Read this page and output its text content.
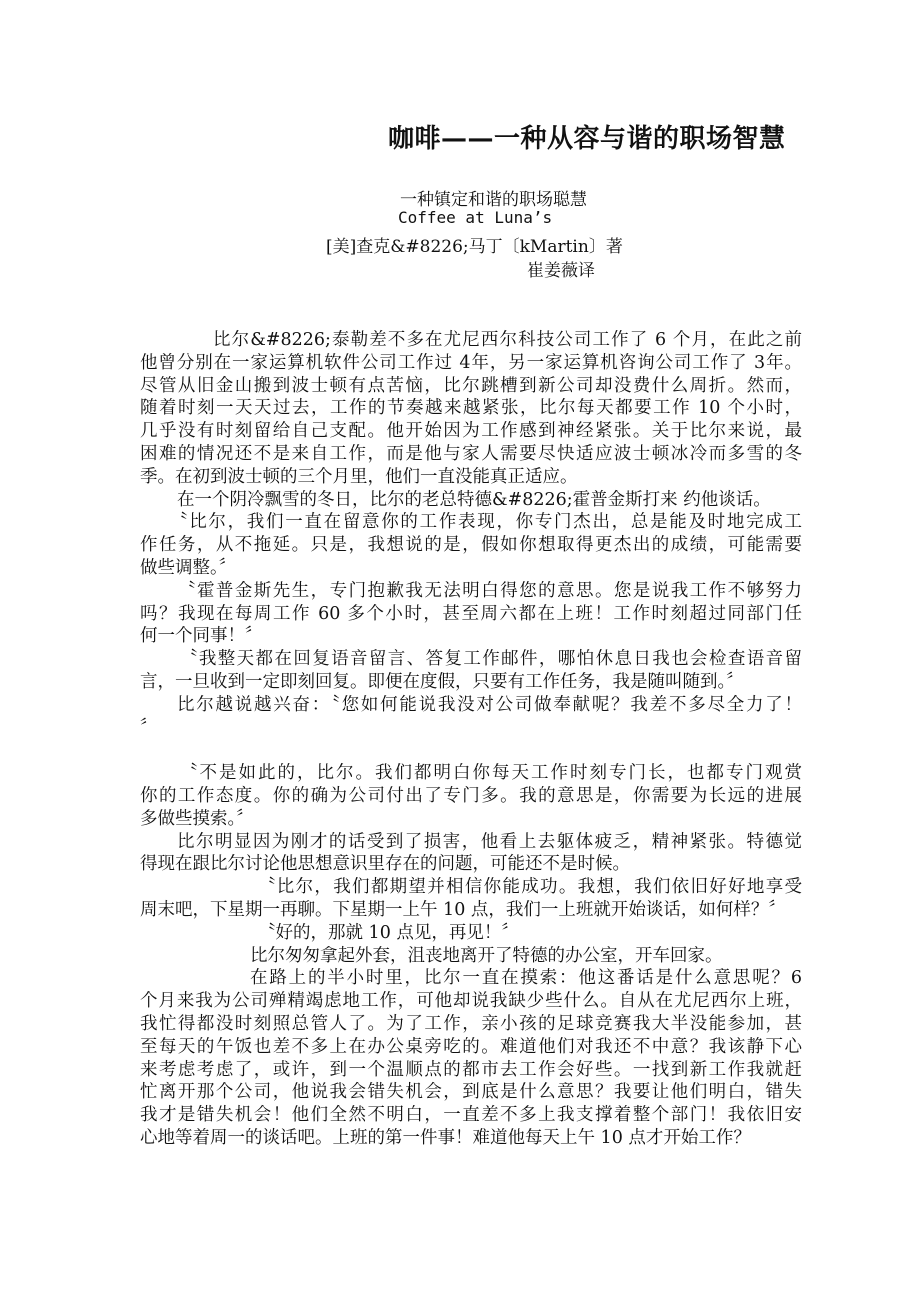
咖啡——一种从容与谐的职场智慧
一种镇定和谐的职场聪慧
Coffee at Luna’s
[美]查克&#8226;马丁〔kMartin〕著
崔姜薇译
比尔&#8226;泰勒差不多在尤尼西尔科技公司工作了 6 个月，在此之前
他曾分别在一家运算机软件公司工作过 4年，另一家运算机咨询公司工作了 3年。
尽管从旧金山搬到波士顿有点苦恼，比尔跳槽到新公司却没费什么周折。然而，
随着时刻一天天过去，工作的节奏越来越紧张，比尔每天都要工作 10 个小时，
几乎没有时刻留给自己支配。他开始因为工作感到神经紧张。关于比尔来说，最
困难的情况还不是来自工作，而是他与家人需要尽快适应波士顿冰冷而多雪的冬
季。在初到波士顿的三个月里，他们一直没能真正适应。
在一个阴冷飘雪的冬日，比尔的老总特德&#8226;霍普金斯打来 约他谈话。
〝比尔，我们一直在留意你的工作表现，你专门杰出，总是能及时地完成工
作任务，从不拖延。只是，我想说的是，假如你想取得更杰出的成绩，可能需要
做些调整。〞
〝霍普金斯先生，专门抱歉我无法明白得您的意思。您是说我工作不够努力
吗？我现在每周工作 60 多个小时，甚至周六都在上班！工作时刻超过同部门任
何一个同事！〞
〝我整天都在回复语音留言、答复工作邮件，哪怕休息日我也会检查语音留
言，一旦收到一定即刻回复。即便在度假，只要有工作任务，我是随叫随到。〞
比尔越说越兴奋：〝您如何能说我没对公司做奉献呢？我差不多尽全力了！
〞
〝不是如此的，比尔。我们都明白你每天工作时刻专门长，也都专门观赏
你的工作态度。你的确为公司付出了专门多。我的意思是，你需要为长远的进展
多做些摸索。〞
比尔明显因为刚才的话受到了损害，他看上去躯体疲乏，精神紧张。特德觉
得现在跟比尔讨论他思想意识里存在的问题，可能还不是时候。
〝比尔，我们都期望并相信你能成功。我想，我们依旧好好地享受
周末吧，下星期一再聊。下星期一上午 10 点，我们一上班就开始谈话，如何样？〞
〝好的，那就 10 点见，再见！〞
比尔匆匆拿起外套，沮丧地离开了特德的办公室，开车回家。
在路上的半小时里，比尔一直在摸索：他这番话是什么意思呢？6
个月来我为公司殚精竭虑地工作，可他却说我缺少些什么。自从在尤尼西尔上班，
我忙得都没时刻照总管人了。为了工作，亲小孩的足球竞赛我大半没能参加，甚
至每天的午饭也差不多上在办公桌旁吃的。难道他们对我还不中意？我该静下心
来考虑考虑了，或许，到一个温顺点的都市去工作会好些。一找到新工作我就赶
忙离开那个公司，他说我会错失机会，到底是什么意思？我要让他们明白，错失
我才是错失机会！他们全然不明白，一直差不多上我支撑着整个部门！我依旧安
心地等着周一的谈话吧。上班的第一件事！难道他每天上午 10 点才开始工作？
